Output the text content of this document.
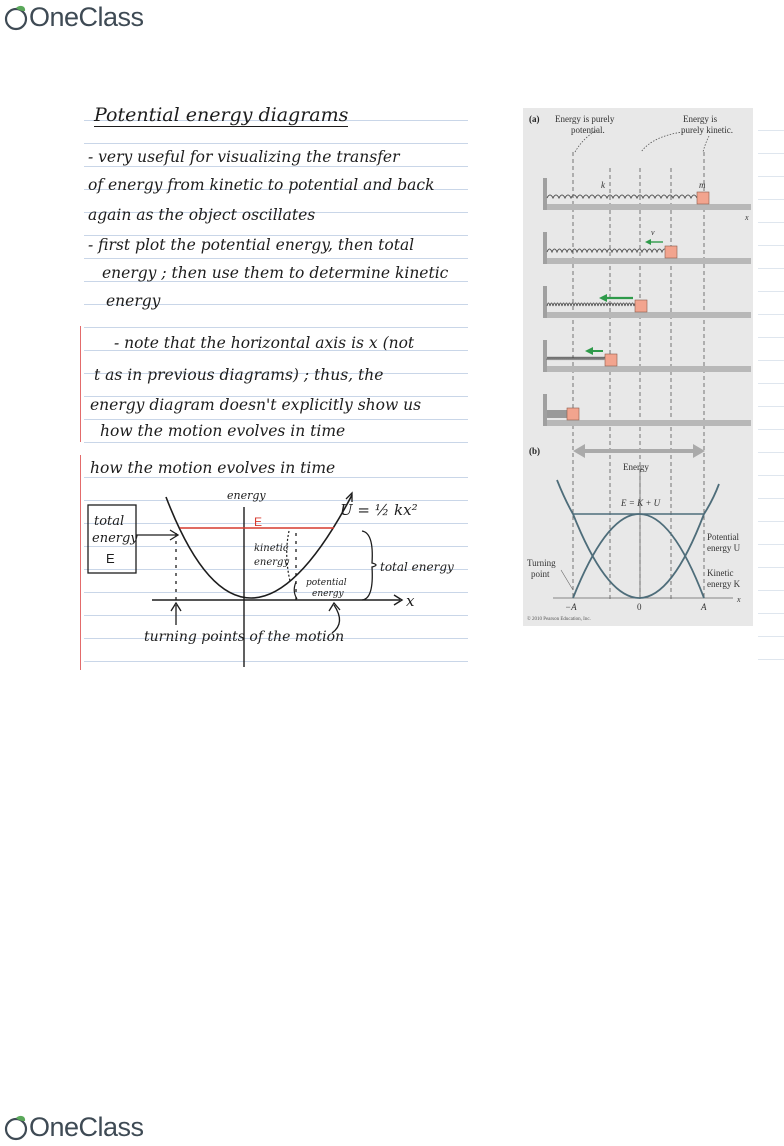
OneClass
Potential energy diagrams
- very useful for visualizing the transfer
of energy from kinetic to potential and back
again as the object oscillates
- first plot the potential energy, then total
energy ; then use them to determine kinetic
energy
- note that the horizontal axis is x (not
t as in previous diagrams) ; thus, the
energy diagram doesn't explicitly show us
how the motion evolves in time
how the motion evolves in time
E
energy
x
U = ½ kx²
total
energy
E
kinetic
energy
potential
energy
total energy
turning points of the motion
(a) Energy is purely
potential.
Energy is
purely kinetic.
k	m
x
v
(b)
Energy
E = K + U
Potential
energy U
Kinetic
energy K
Turning
point
−A	0	A
x
© 2010 Pearson Education, Inc.
OneClass
